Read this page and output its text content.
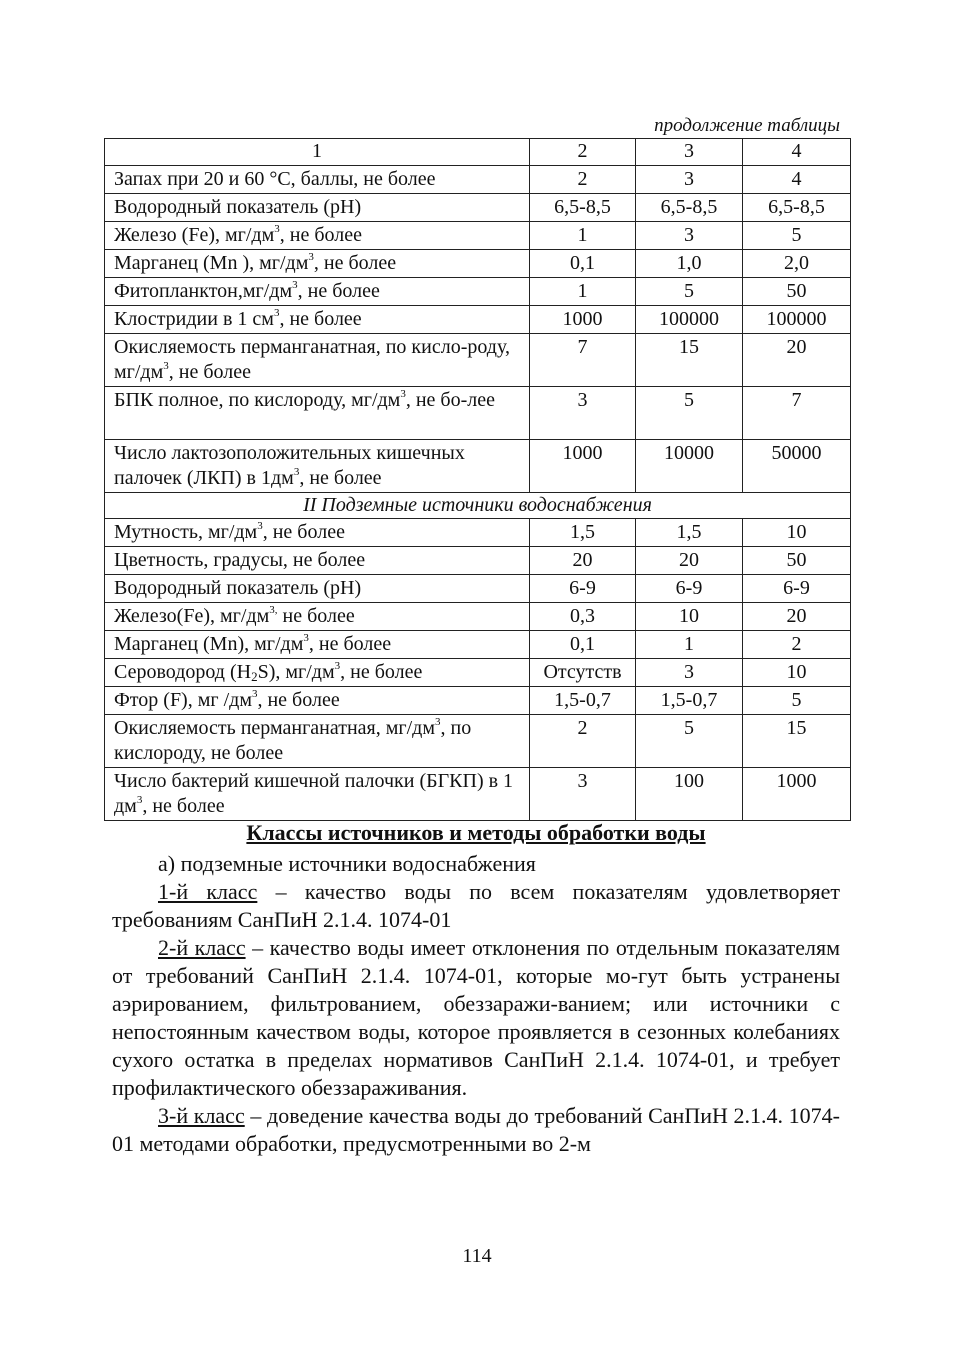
продолжение таблицы
1	2	3	4
Запах при 20 и 60 °С, баллы, не более	2	3	4
Водородный показатель (рН)	6,5-8,5	6,5-8,5	6,5-8,5
Железо (Fe), $мг/дм^3$, не более	1	3	5
Марганец (Mn ), $мг/дм^3$, не более	0,1	1,0	2,0
$Фитопланктон,мг/дм^3$, не более	1	5	50
Клостридии в 1 $см^3$, не более	1000	100000	100000
Окисляемость перманганатная, по кисло-роду, $мг/дм^3$, не более	7	15	20
БПК полное, по кислороду, $мг/дм^3$, не бо-лее	3	5	7
Число лактозоположительных кишечных палочек (ЛКП) в $1дм^3$, не более	1000	10000	50000
II Подземные источники водоснабжения			
Мутность, $мг/дм^3$, не более	1,5	1,5	10
Цветность, градусы, не более	20	20	50
Водородный показатель (рН)	6-9	6-9	6-9
Железо(Fe), $мг/дм^{3,}$ не более	0,3	10	20
Марганец (Mn), $мг/дм^3$, не более	0,1	1	2
Сероводород $(H_2S)$, $мг/дм^3$, не более	Отсутств	3	10
Фтор (F), мг $/дм^3$, не более	1,5-0,7	1,5-0,7	5
Окисляемость перманганатная, $мг/дм^3$, по кислороду, не более	2	5	15
Число бактерий кишечной палочки (БГКП) в 1 $дм^3$, не более	3	100	1000
Классы источников и методы обработки воды

а) подземные источники водоснабжения

1-й класс – качество воды по всем показателям удовлетворяет требованиям СанПиН 2.1.4. 1074-01

2-й класс – качество воды имеет отклонения по отдельным показателям от требований СанПиН 2.1.4. 1074-01, которые мо-гут быть устранены аэрированием, фильтрованием, обеззаражи-ванием; или источники с непостоянным качеством воды, которое проявляется в сезонных колебаниях сухого остатка в пределах нормативов СанПиН 2.1.4. 1074-01, и требует профилактического обеззараживания.

3-й класс – доведение качества воды до требований СанПиН 2.1.4. 1074-01 методами обработки, предусмотренными во 2-м

114
